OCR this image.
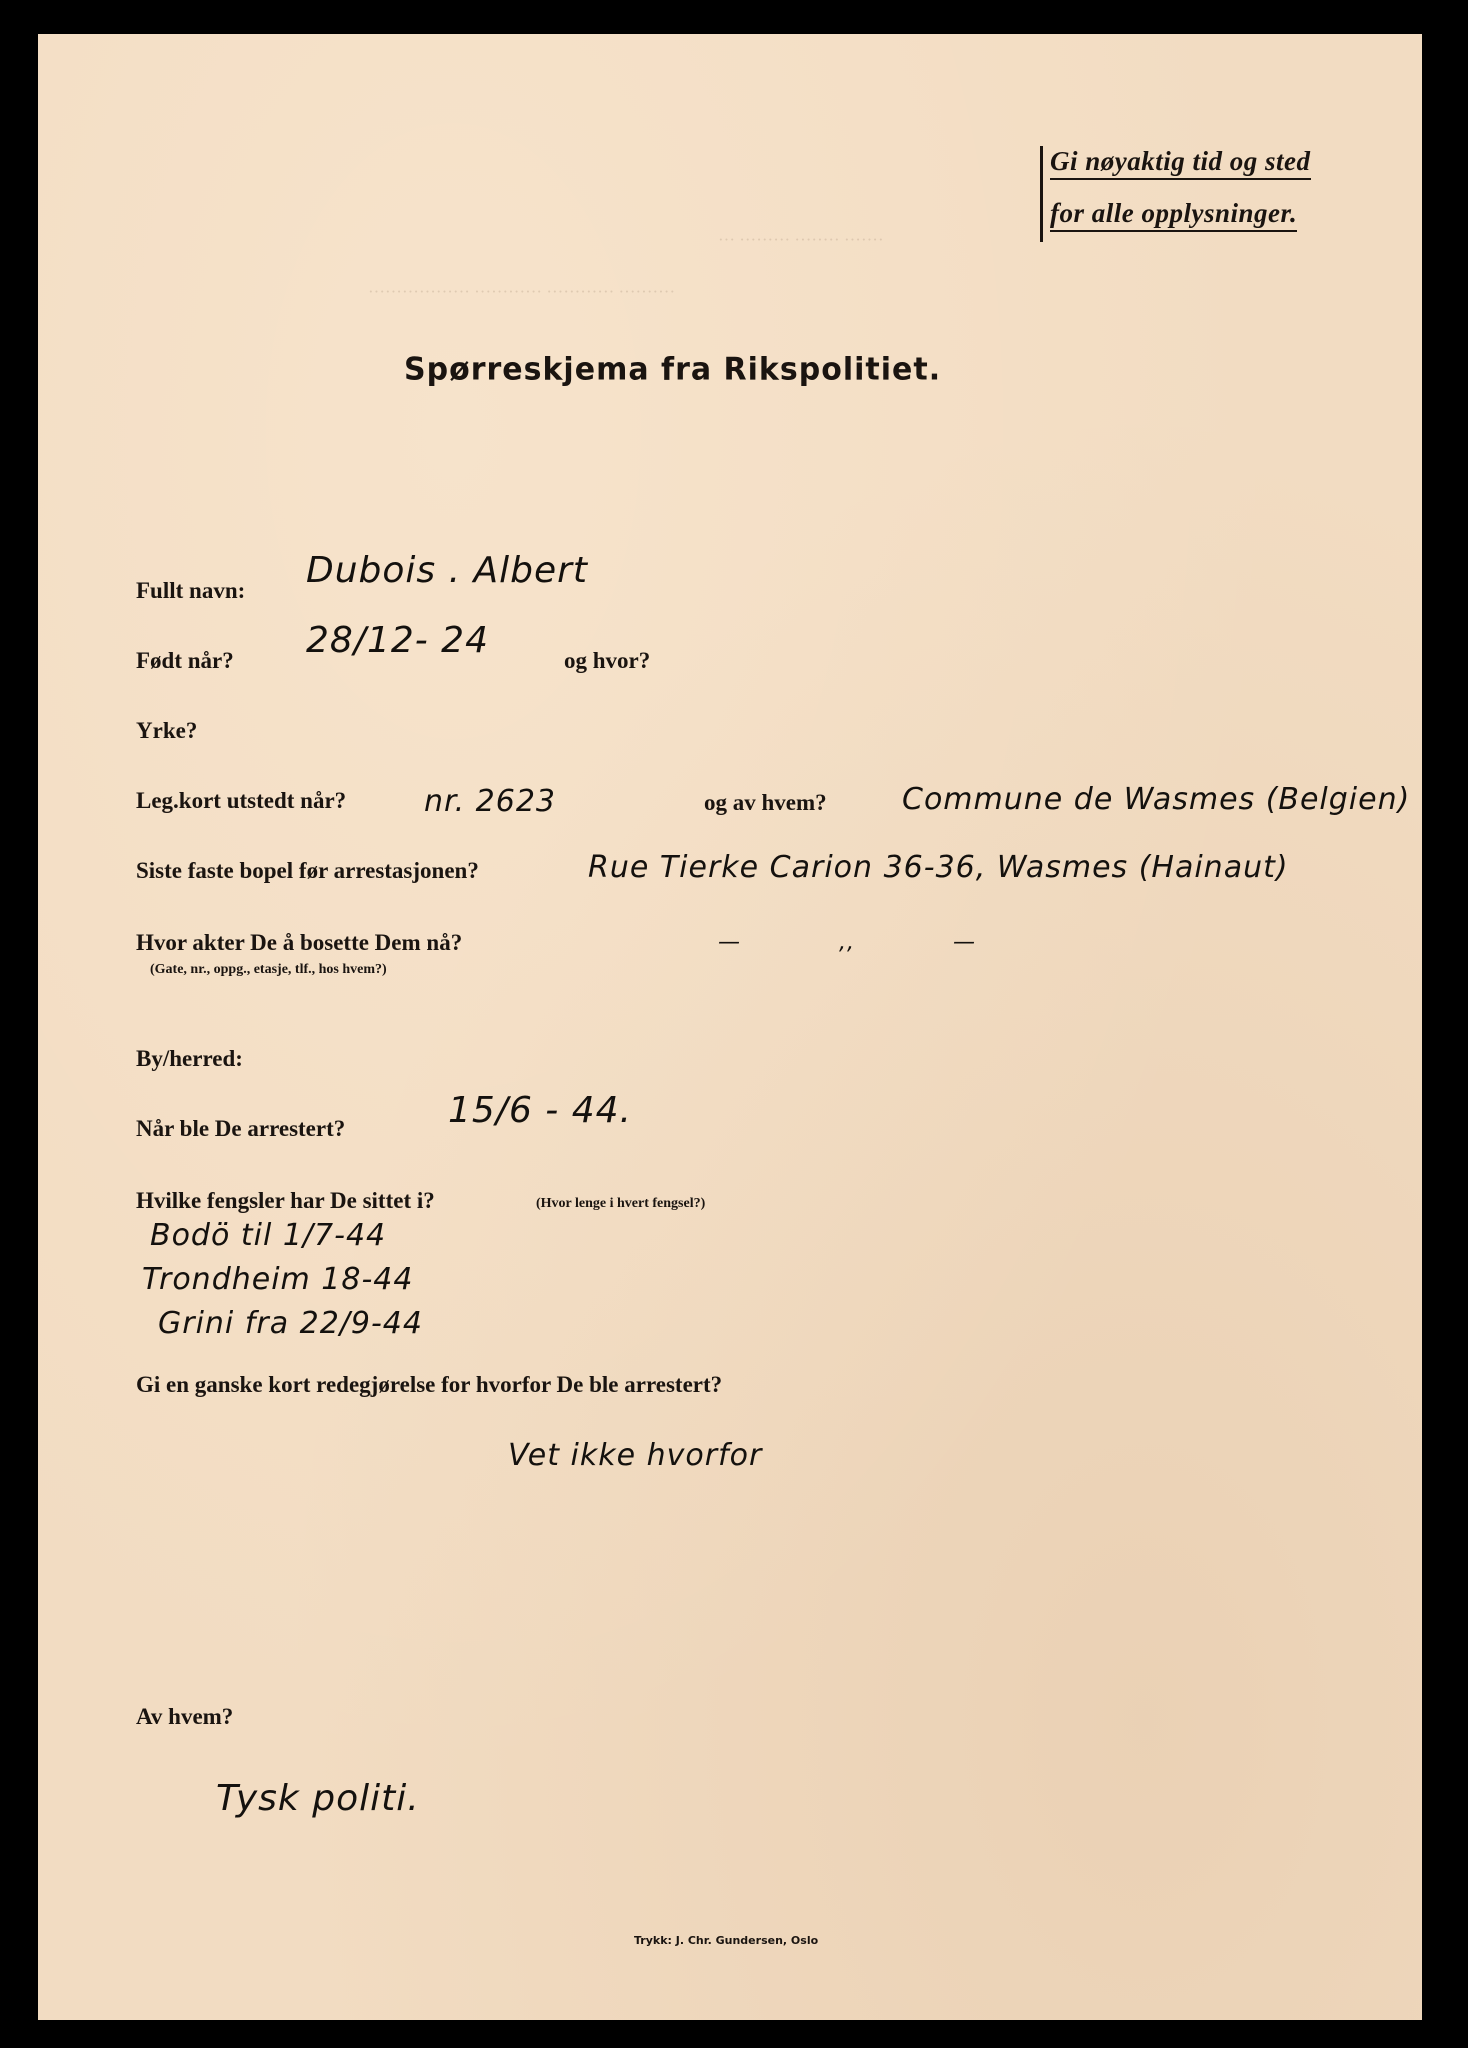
··· ········· ········ ·······
·················· ············ ············ ··········
Gi nøyaktig tid og sted
for alle opplysninger.
Spørreskjema fra Rikspolitiet.
Fullt navn: Dubois . Albert
Født når? 28/12- 24	og hvor?
Yrke?
Leg.kort utstedt når?	nr. 2623	og av hvem?	Commune de Wasmes (Belgien)
Siste faste bopel før arrestasjonen?	Rue Tierke Carion 36-36, Wasmes (Hainaut)
Hvor akter De å bosette Dem nå?
(Gate, nr., oppg., etasje, tlf., hos hvem?)
— ,, —
By/herred:
Når ble De arrestert?	15/6 - 44.
Hvilke fengsler har De sittet i?	(Hvor lenge i hvert fengsel?)
Bodö til 1/7-44
Trondheim 18-44
Grini fra 22/9-44
Gi en ganske kort redegjørelse for hvorfor De ble arrestert?
Vet ikke hvorfor
Av hvem?
Tysk politi.
Trykk: J. Chr. Gundersen, Oslo
